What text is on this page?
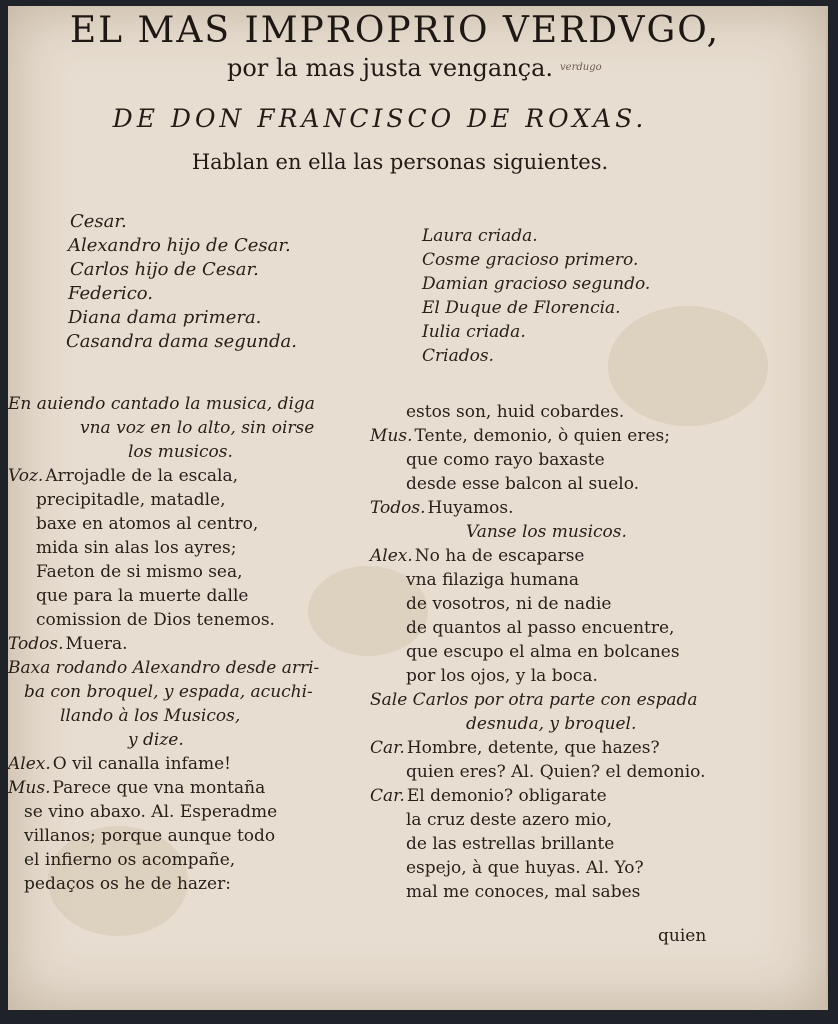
EL MAS IMPROPRIO VERDVGO,
por la mas justa vengança. verdugo
DE DON FRANCISCO DE ROXAS.
Hablan en ella las personas siguientes.
Cesar.
Alexandro hijo de Cesar.
Carlos hijo de Cesar.
Federico.
Diana dama primera.
Casandra dama segunda.
Laura criada.
Cosme gracioso primero.
Damian gracioso segundo.
El Duque de Florencia.
Iulia criada.
Criados.
En auiendo cantado la musica, diga
vna voz en lo alto, sin oirse
los musicos.
Voz. Arrojadle de la escala,
precipitadle, matadle,
baxe en atomos al centro,
mida sin alas los ayres;
Faeton de si mismo sea,
que para la muerte dalle
comission de Dios tenemos.
Todos. Muera.
Baxa rodando Alexandro desde arri-
ba con broquel, y espada, acuchi-
llando à los Musicos,
y dize.
Alex. O vil canalla infame!
Mus. Parece que vna montaña
se vino abaxo. Al. Esperadme
villanos; porque aunque todo
el infierno os acompañe,
pedaços os he de hazer:
estos son, huid cobardes.
Mus. Tente, demonio, ò quien eres;
que como rayo baxaste
desde esse balcon al suelo.
Todos. Huyamos.
Vanse los musicos.
Alex. No ha de escaparse
vna filaziga humana
de vosotros, ni de nadie
de quantos al passo encuentre,
que escupo el alma en bolcanes
por los ojos, y la boca.
Sale Carlos por otra parte con espada
desnuda, y broquel.
Car. Hombre, detente, que hazes?
quien eres? Al. Quien? el demonio.
Car. El demonio? obligarate
la cruz deste azero mio,
de las estrellas brillante
espejo, à que huyas. Al. Yo?
mal me conoces, mal sabes
quien
